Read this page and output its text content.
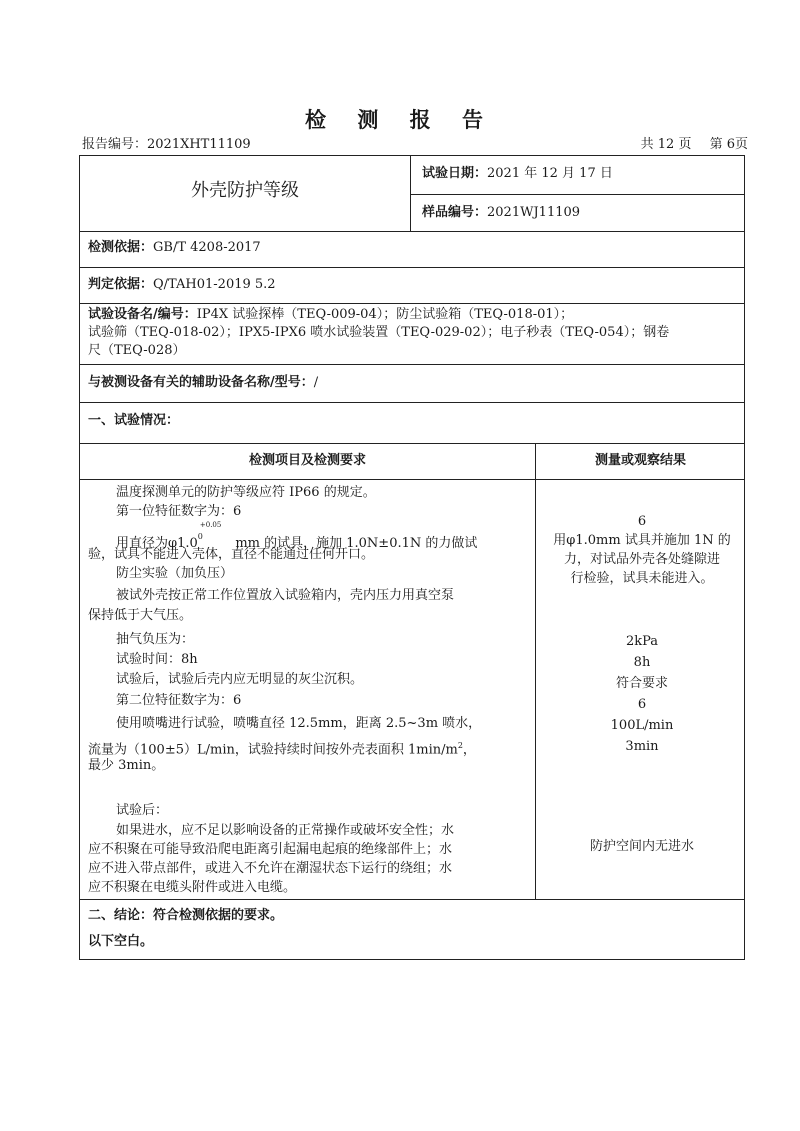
检 测 报 告
报告编号：2021XHT11109	共 12 页 第 6页
外壳防护等级
试验日期：2021 年 12 月 17 日
样品编号：2021WJ11109
检测依据：GB/T 4208-2017
判定依据：Q/TAH01-2019 5.2
试验设备名/编号：IP4X 试验探棒（TEQ-009-04）；防尘试验箱（TEQ-018-01）；
试验筛（TEQ-018-02）；IPX5-IPX6 喷水试验装置（TEQ-029-02）；电子秒表（TEQ-054）；钢卷
尺（TEQ-028）
与被测设备有关的辅助设备名称/型号：/
一、试验情况：
检测项目及检测要求	测量或观察结果
温度探测单元的防护等级应符 IP66 的规定。
第一位特征数字为：6
用直径为$\varphi 1.0^{0+0.05}mm$ 的试具，施加 1.0N±0.1N 的力做试
验，试具不能进入壳体，直径不能通过任何开口。
防尘实验（加负压）
被试外壳按正常工作位置放入试验箱内，壳内压力用真空泵
保持低于大气压。
抽气负压为：
试验时间：8h
试验后，试验后壳内应无明显的灰尘沉积。
第二位特征数字为：6
使用喷嘴进行试验，喷嘴直径 12.5mm，距离 2.5~3m 喷水，
流量为（100±5）L/min，试验持续时间按外壳表面积 $1\min/m^2$，
最少 3min。
试验后：
如果进水，应不足以影响设备的正常操作或破坏安全性；水
应不积聚在可能导致沿爬电距离引起漏电起痕的绝缘部件上；水
应不进入带点部件，或进入不允许在潮湿状态下运行的绕组；水
应不积聚在电缆头附件或进入电缆。
6
用φ1.0mm 试具并施加 1N 的
力，对试品外壳各处缝隙进
行检验，试具未能进入。
2kPa
8h
符合要求
6
100L/min
3min
防护空间内无进水
二、结论：符合检测依据的要求。
以下空白。
